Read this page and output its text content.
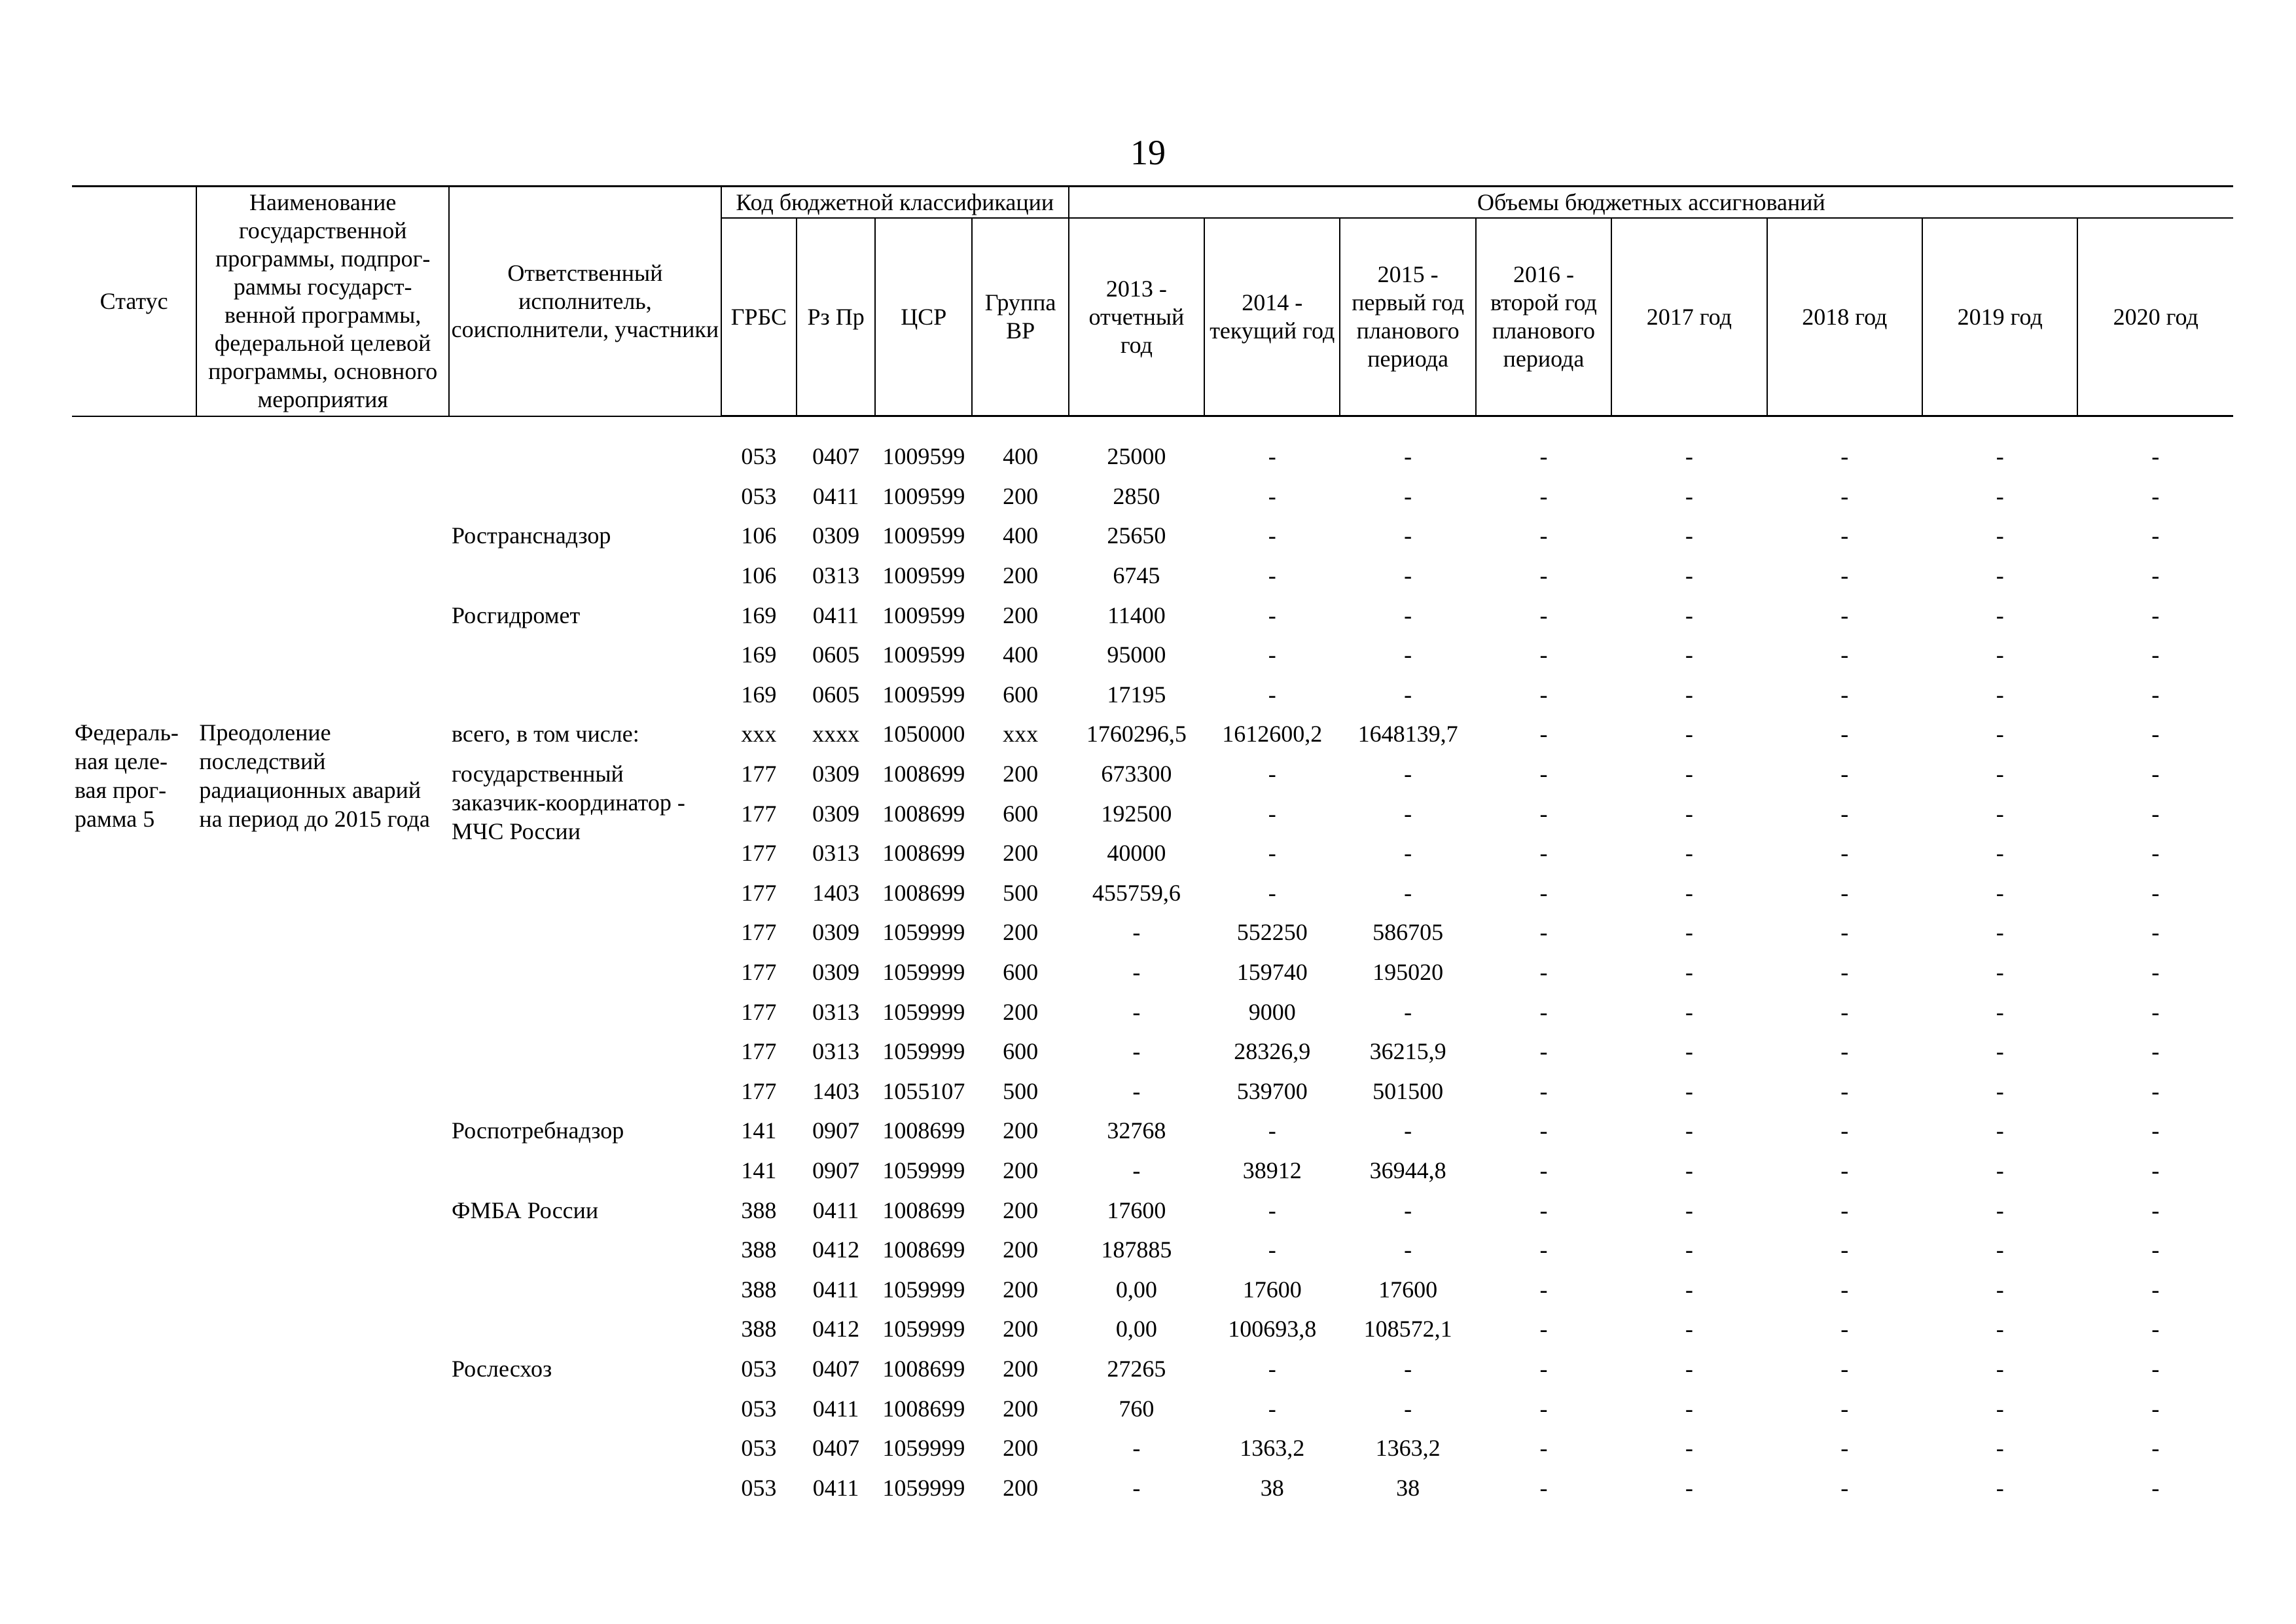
19
Статус	Наименование государственной программы, подпрог-раммы государст-венной программы, федеральной целевой программы, основного мероприятия	Ответственный исполнитель, соисполнители, участники	Код бюджетной классификации				Объемы бюджетных ассигнований							
			ГРБС	Рз Пр	ЦСР	Группа ВР	2013 - отчетный год	2014 - текущий год	2015 - первый год планового периода	2016 - второй год планового периода	2017 год	2018 год	2019 год	2020 год

			053	0407	1009599	400	25000	-	-	-	-	-	-	-
			053	0411	1009599	200	2850	-	-	-	-	-	-	-
		Ространснадзор	106	0309	1009599	400	25650	-	-	-	-	-	-	-
			106	0313	1009599	200	6745	-	-	-	-	-	-	-
		Росгидромет	169	0411	1009599	200	11400	-	-	-	-	-	-	-
			169	0605	1009599	400	95000	-	-	-	-	-	-	-
			169	0605	1009599	600	17195	-	-	-	-	-	-	-
Федераль-ная целе-вая прог-рамма 5	Преодоление последствий радиационных аварий на период до 2015 года	всего, в том числе:	ххх	хххх	1050000	ххх	1760296,5	1612600,2	1648139,7	-	-	-	-	-
		государственный заказчик-координатор - МЧС России	177	0309	1008699	200	673300	-	-	-	-	-	-	-
			177	0309	1008699	600	192500	-	-	-	-	-	-	-
			177	0313	1008699	200	40000	-	-	-	-	-	-	-
			177	1403	1008699	500	455759,6	-	-	-	-	-	-	-
			177	0309	1059999	200	-	552250	586705	-	-	-	-	-
			177	0309	1059999	600	-	159740	195020	-	-	-	-	-
			177	0313	1059999	200	-	9000	-	-	-	-	-	-
			177	0313	1059999	600	-	28326,9	36215,9	-	-	-	-	-
			177	1403	1055107	500	-	539700	501500	-	-	-	-	-
		Роспотребнадзор	141	0907	1008699	200	32768	-	-	-	-	-	-	-
			141	0907	1059999	200	-	38912	36944,8	-	-	-	-	-
		ФМБА России	388	0411	1008699	200	17600	-	-	-	-	-	-	-
			388	0412	1008699	200	187885	-	-	-	-	-	-	-
			388	0411	1059999	200	0,00	17600	17600	-	-	-	-	-
			388	0412	1059999	200	0,00	100693,8	108572,1	-	-	-	-	-
		Рослесхоз	053	0407	1008699	200	27265	-	-	-	-	-	-	-
			053	0411	1008699	200	760	-	-	-	-	-	-	-
			053	0407	1059999	200	-	1363,2	1363,2	-	-	-	-	-
			053	0411	1059999	200	-	38	38	-	-	-	-	-
